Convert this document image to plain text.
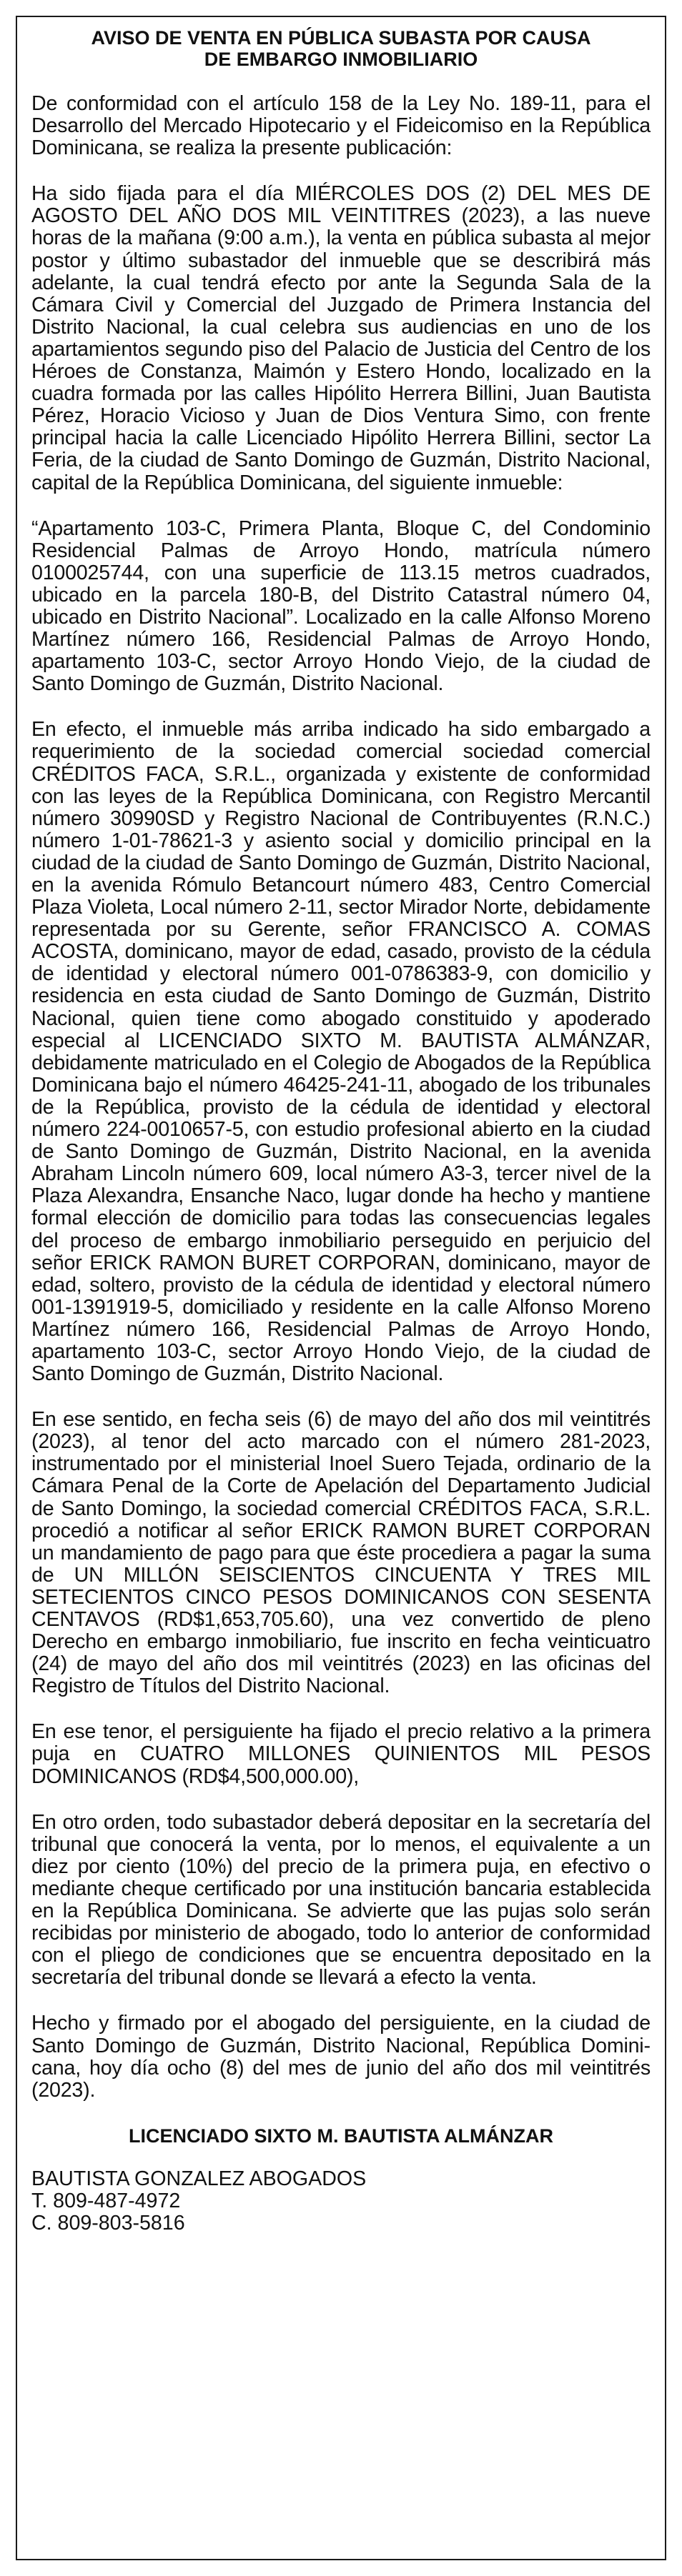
AVISO DE VENTA EN PÚBLICA SUBASTA POR CAUSA
DE EMBARGO INMOBILIARIO

De conformidad con el artículo 158 de la Ley No. 189-11, para el Desarrollo del Mercado Hipotecario y el Fideicomiso en la República Dominicana, se realiza la presente publicación:

Ha sido fijada para el día MIÉRCOLES DOS (2) DEL MES DE AGOSTO DEL AÑO DOS MIL VEINTITRES (2023), a las nueve horas de la mañana (9:00 a.m.), la venta en pública subasta al mejor postor y último subastador del inmueble que se describirá más adelante, la cual tendrá efecto por ante la Segunda Sala de la Cámara Civil y Comercial del Juzgado de Primera Instancia del Distrito Nacional, la cual celebra sus audiencias en uno de los apartamientos segundo piso del Palacio de Justicia del Centro de los Héroes de Constanza, Maimón y Estero Hondo, localizado en la cuadra formada por las calles Hipólito Herrera Billini, Juan Bautista Pérez, Horacio Vicioso y Juan de Dios Ventura Simo, con frente principal hacia la calle Licenciado Hipólito Herrera Billini, sector La Feria, de la ciudad de Santo Domingo de Guzmán, Distrito Nacional, capital de la República Dominicana, del siguiente inmueble:

“Apartamento 103-C, Primera Planta, Bloque C, del Condominio Residencial Palmas de Arroyo Hondo, matrícula número 0100025744, con una superficie de 113.15 metros cuadrados, ubicado en la parcela 180-B, del Distrito Catastral número 04, ubicado en Distrito Nacional”. Localizado en la calle Alfonso Moreno Martínez número 166, Residencial Palmas de Arroyo Hondo, apartamento 103-C, sector Arroyo Hondo Viejo, de la ciudad de Santo Domingo de Guzmán, Distrito Nacional.

En efecto, el inmueble más arriba indicado ha sido embargado a requerimiento de la sociedad comercial sociedad comercial CRÉDITOS FACA, S.R.L., organizada y existente de conformidad con las leyes de la República Dominicana, con Registro Mercantil número 30990SD y Registro Nacional de Contribuyentes (R.N.C.) número 1-01-78621-3 y asiento social y domicilio principal en la ciudad de la ciudad de Santo Domingo de Guzmán, Distrito Nacional, en la avenida Rómulo Betancourt número 483, Centro Comercial Plaza Violeta, Local número 2-11, sector Mirador Norte, debidamente representada por su Gerente, señor FRANCISCO A. COMAS ACOSTA, dominicano, mayor de edad, casado, provisto de la cédula de identidad y electoral número 001-0786383-9, con domicilio y residencia en esta ciudad de Santo Domingo de Guzmán, Distrito Nacional, quien tiene como abogado constituido y apoderado especial al LICENCIADO SIXTO M. BAUTISTA ALMÁNZAR, debidamente matriculado en el Colegio de Abogados de la República Dominicana bajo el número 46425-241-11, abogado de los tribunales de la República, provisto de la cédula de identidad y electoral número 224-0010657-5, con estudio profesional abierto en la ciudad de Santo Domingo de Guzmán, Distrito Nacional, en la avenida Abraham Lincoln número 609, local número A3-3, tercer nivel de la Plaza Alexandra, Ensanche Naco, lugar donde ha hecho y mantiene formal elección de domicilio para todas las consecuencias legales del proceso de embargo inmobiliario perseguido en perjuicio del señor ERICK RAMON BURET CORPORAN, dominicano, mayor de edad, soltero, provisto de la cédula de identidad y electoral número 001-1391919-5, domiciliado y residente en la calle Alfonso Moreno Martínez número 166, Residencial Palmas de Arroyo Hondo, apartamento 103-C, sector Arroyo Hondo Viejo, de la ciudad de Santo Domingo de Guzmán, Distrito Nacional.

En ese sentido, en fecha seis (6) de mayo del año dos mil veintitrés (2023), al tenor del acto marcado con el número 281-2023, instrumentado por el ministerial Inoel Suero Tejada, ordinario de la Cámara Penal de la Corte de Apelación del Departamento Judicial de Santo Domingo, la sociedad comercial CRÉDITOS FACA, S.R.L. procedió a notificar al señor ERICK RAMON BURET CORPORAN un mandamiento de pago para que éste procediera a pagar la suma de UN MILLÓN SEISCIENTOS CINCUENTA Y TRES MIL SETECIENTOS CINCO PESOS DOMINICANOS CON SESENTA CENTAVOS (RD$1,653,705.60), una vez convertido de pleno Derecho en embargo inmobiliario, fue inscrito en fecha veinticuatro (24) de mayo del año dos mil veintitrés (2023) en las oficinas del Registro de Títulos del Distrito Nacional.

En ese tenor, el persiguiente ha fijado el precio relativo a la primera puja en CUATRO MILLONES QUINIENTOS MIL PESOS DOMINICANOS (RD$4,500,000.00),

En otro orden, todo subastador deberá depositar en la secretaría del tribunal que conocerá la venta, por lo menos, el equivalente a un diez por ciento (10%) del precio de la primera puja, en efectivo o mediante cheque certificado por una institución bancaria establecida en la República Dominicana. Se advierte que las pujas solo serán recibidas por ministerio de abogado, todo lo anterior de conformidad con el pliego de condiciones que se encuentra depositado en la secretaría del tribunal donde se llevará a efecto la venta.

Hecho y firmado por el abogado del persiguiente, en la ciudad de Santo Domingo de Guzmán, Distrito Nacional, República Dominicana, hoy día ocho (8) del mes de junio del año dos mil veintitrés (2023).

LICENCIADO SIXTO M. BAUTISTA ALMÁNZAR
BAUTISTA GONZALEZ ABOGADOS
T. 809-487-4972
C. 809-803-5816
